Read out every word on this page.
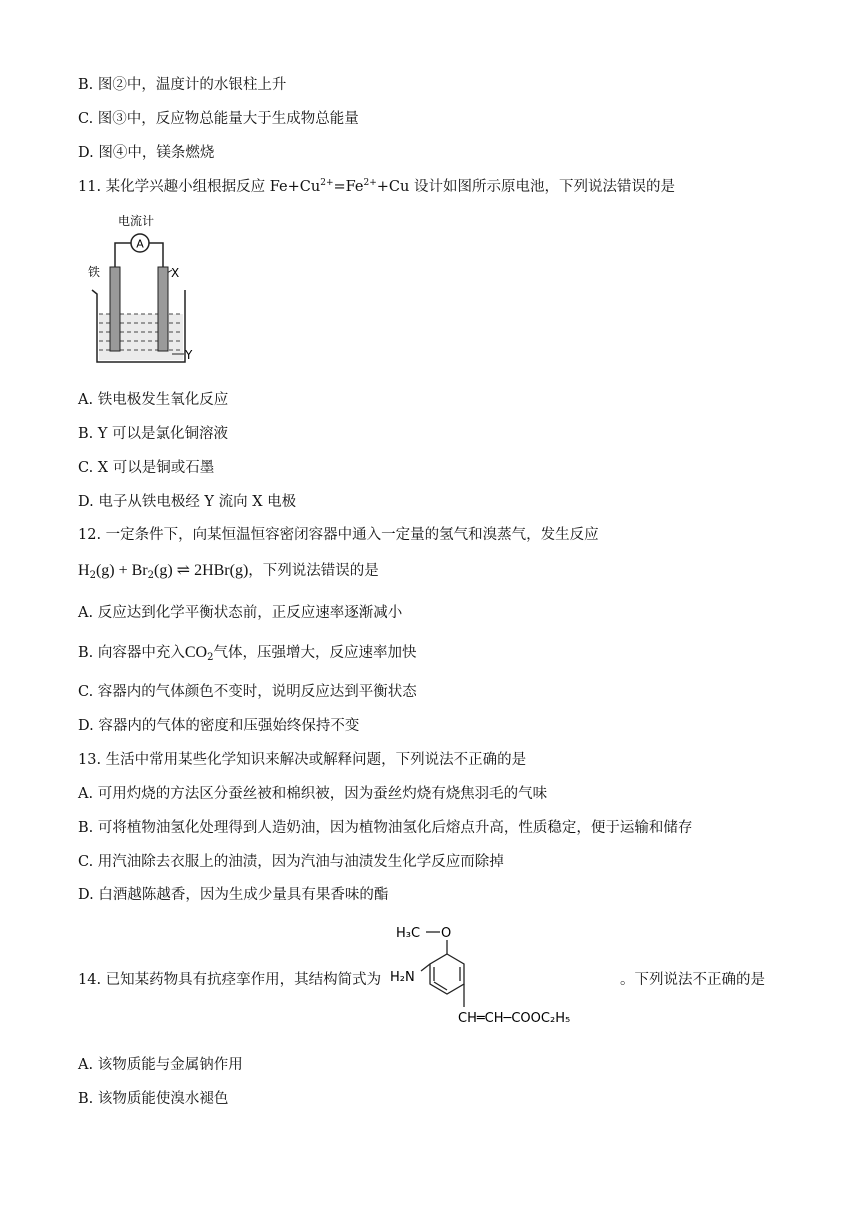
B. 图②中，温度计的水银柱上升
C. 图③中，反应物总能量大于生成物总能量
D. 图④中，镁条燃烧
11. 某化学兴趣小组根据反应 $Fe+Cu^{2+}=Fe^{2+}+Cu$ 设计如图所示原电池，下列说法错误的是
电流计
A
铁	X
Y
A. 铁电极发生氧化反应
B. Y 可以是氯化铜溶液
C. X 可以是铜或石墨
D. 电子从铁电极经 Y 流向 X 电极
12. 一定条件下，向某恒温恒容密闭容器中通入一定量的氢气和溴蒸气，发生反应
$H_2(g) + Br_2(g)$ ⇌ 2HBr(g)，下列说法错误的是
A. 反应达到化学平衡状态前，正反应速率逐渐减小
B. 向容器中充入$CO_2$气体，压强增大，反应速率加快
C. 容器内的气体颜色不变时，说明反应达到平衡状态
D. 容器内的气体的密度和压强始终保持不变
13. 生活中常用某些化学知识来解决或解释问题，下列说法不正确的是
A. 可用灼烧的方法区分蚕丝被和棉织被，因为蚕丝灼烧有烧焦羽毛的气味
B. 可将植物油氢化处理得到人造奶油，因为植物油氢化后熔点升高，性质稳定，便于运输和储存
C. 用汽油除去衣服上的油渍，因为汽油与油渍发生化学反应而除掉
D. 白酒越陈越香，因为生成少量具有果香味的酯
14. 已知某药物具有抗痉挛作用，其结构简式为
H₃C O
H₂N
CH═CH─COOC₂H₅
。下列说法不正确的是
A. 该物质能与金属钠作用
B. 该物质能使溴水褪色
